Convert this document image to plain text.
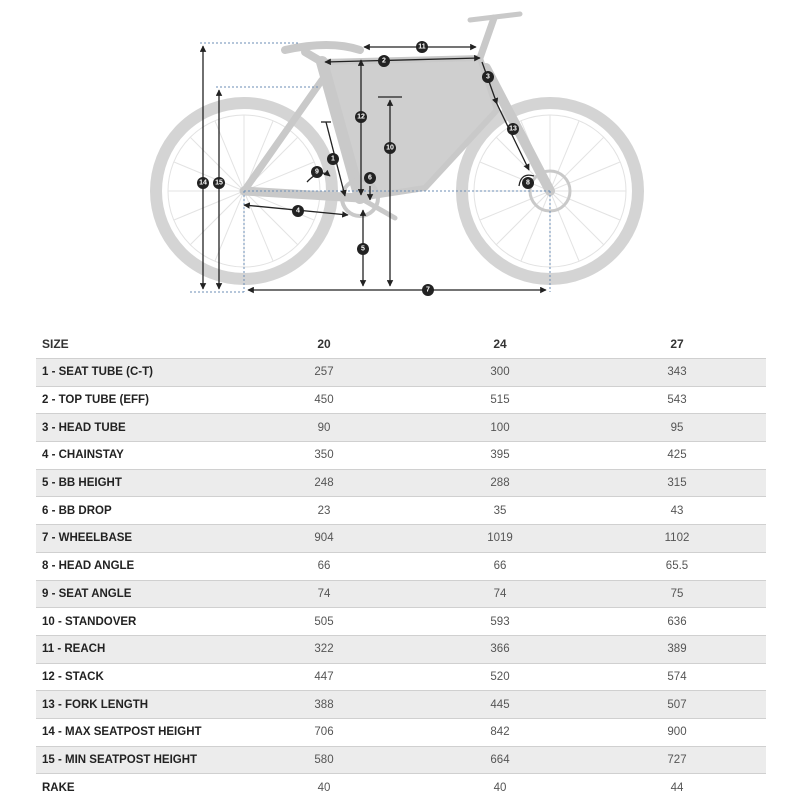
1
2
3
4
5
6
7
8
9
10
11
12
13
14 15
SIZE	20	24	27
1 - SEAT TUBE (C-T)	257	300	343
2 - TOP TUBE (EFF)	450	515	543
3 - HEAD TUBE	90	100	95
4 - CHAINSTAY	350	395	425
5 - BB HEIGHT	248	288	315
6 - BB DROP	23	35	43
7 - WHEELBASE	904	1019	1102
8 - HEAD ANGLE	66	66	65.5
9 - SEAT ANGLE	74	74	75
10 - STANDOVER	505	593	636
11 - REACH	322	366	389
12 - STACK	447	520	574
13 - FORK LENGTH	388	445	507
14 - MAX SEATPOST HEIGHT	706	842	900
15 - MIN SEATPOST HEIGHT	580	664	727
RAKE	40	40	44
